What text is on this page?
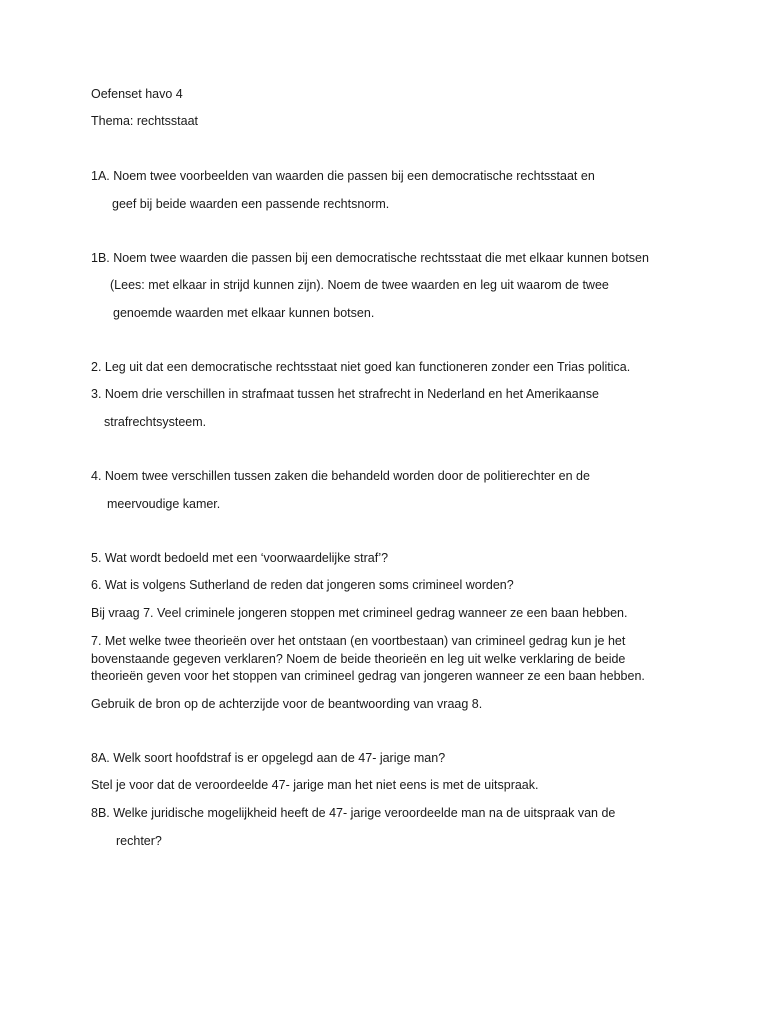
Oefenset havo 4
Thema: rechtsstaat
1A. Noem twee voorbeelden van waarden die passen bij een democratische rechtsstaat en
geef bij beide waarden een passende rechtsnorm.
1B. Noem twee waarden die passen bij een democratische rechtsstaat die met elkaar kunnen botsen
(Lees: met elkaar in strijd kunnen zijn). Noem de twee waarden en leg uit waarom de twee
genoemde waarden met elkaar kunnen botsen.
2. Leg uit dat een democratische rechtsstaat niet goed kan functioneren zonder een Trias politica.
3. Noem drie verschillen in strafmaat tussen het strafrecht in Nederland en het Amerikaanse
strafrechtsysteem.
4. Noem twee verschillen tussen zaken die behandeld worden door de politierechter en de
meervoudige kamer.
5. Wat wordt bedoeld met een ‘voorwaardelijke straf’?
6. Wat is volgens Sutherland de reden dat jongeren soms crimineel worden?
Bij vraag 7. Veel criminele jongeren stoppen met crimineel gedrag wanneer ze een baan hebben.
7. Met welke twee theorieën over het ontstaan (en voortbestaan) van crimineel gedrag kun je het
bovenstaande gegeven verklaren? Noem de beide theorieën en leg uit welke verklaring de beide
theorieën geven voor het stoppen van crimineel gedrag van jongeren wanneer ze een baan hebben.
Gebruik de bron op de achterzijde voor de beantwoording van vraag 8.
8A. Welk soort hoofdstraf is er opgelegd aan de 47- jarige man?
Stel je voor dat de veroordeelde 47- jarige man het niet eens is met de uitspraak.
8B. Welke juridische mogelijkheid heeft de 47- jarige veroordeelde man na de uitspraak van de
rechter?
